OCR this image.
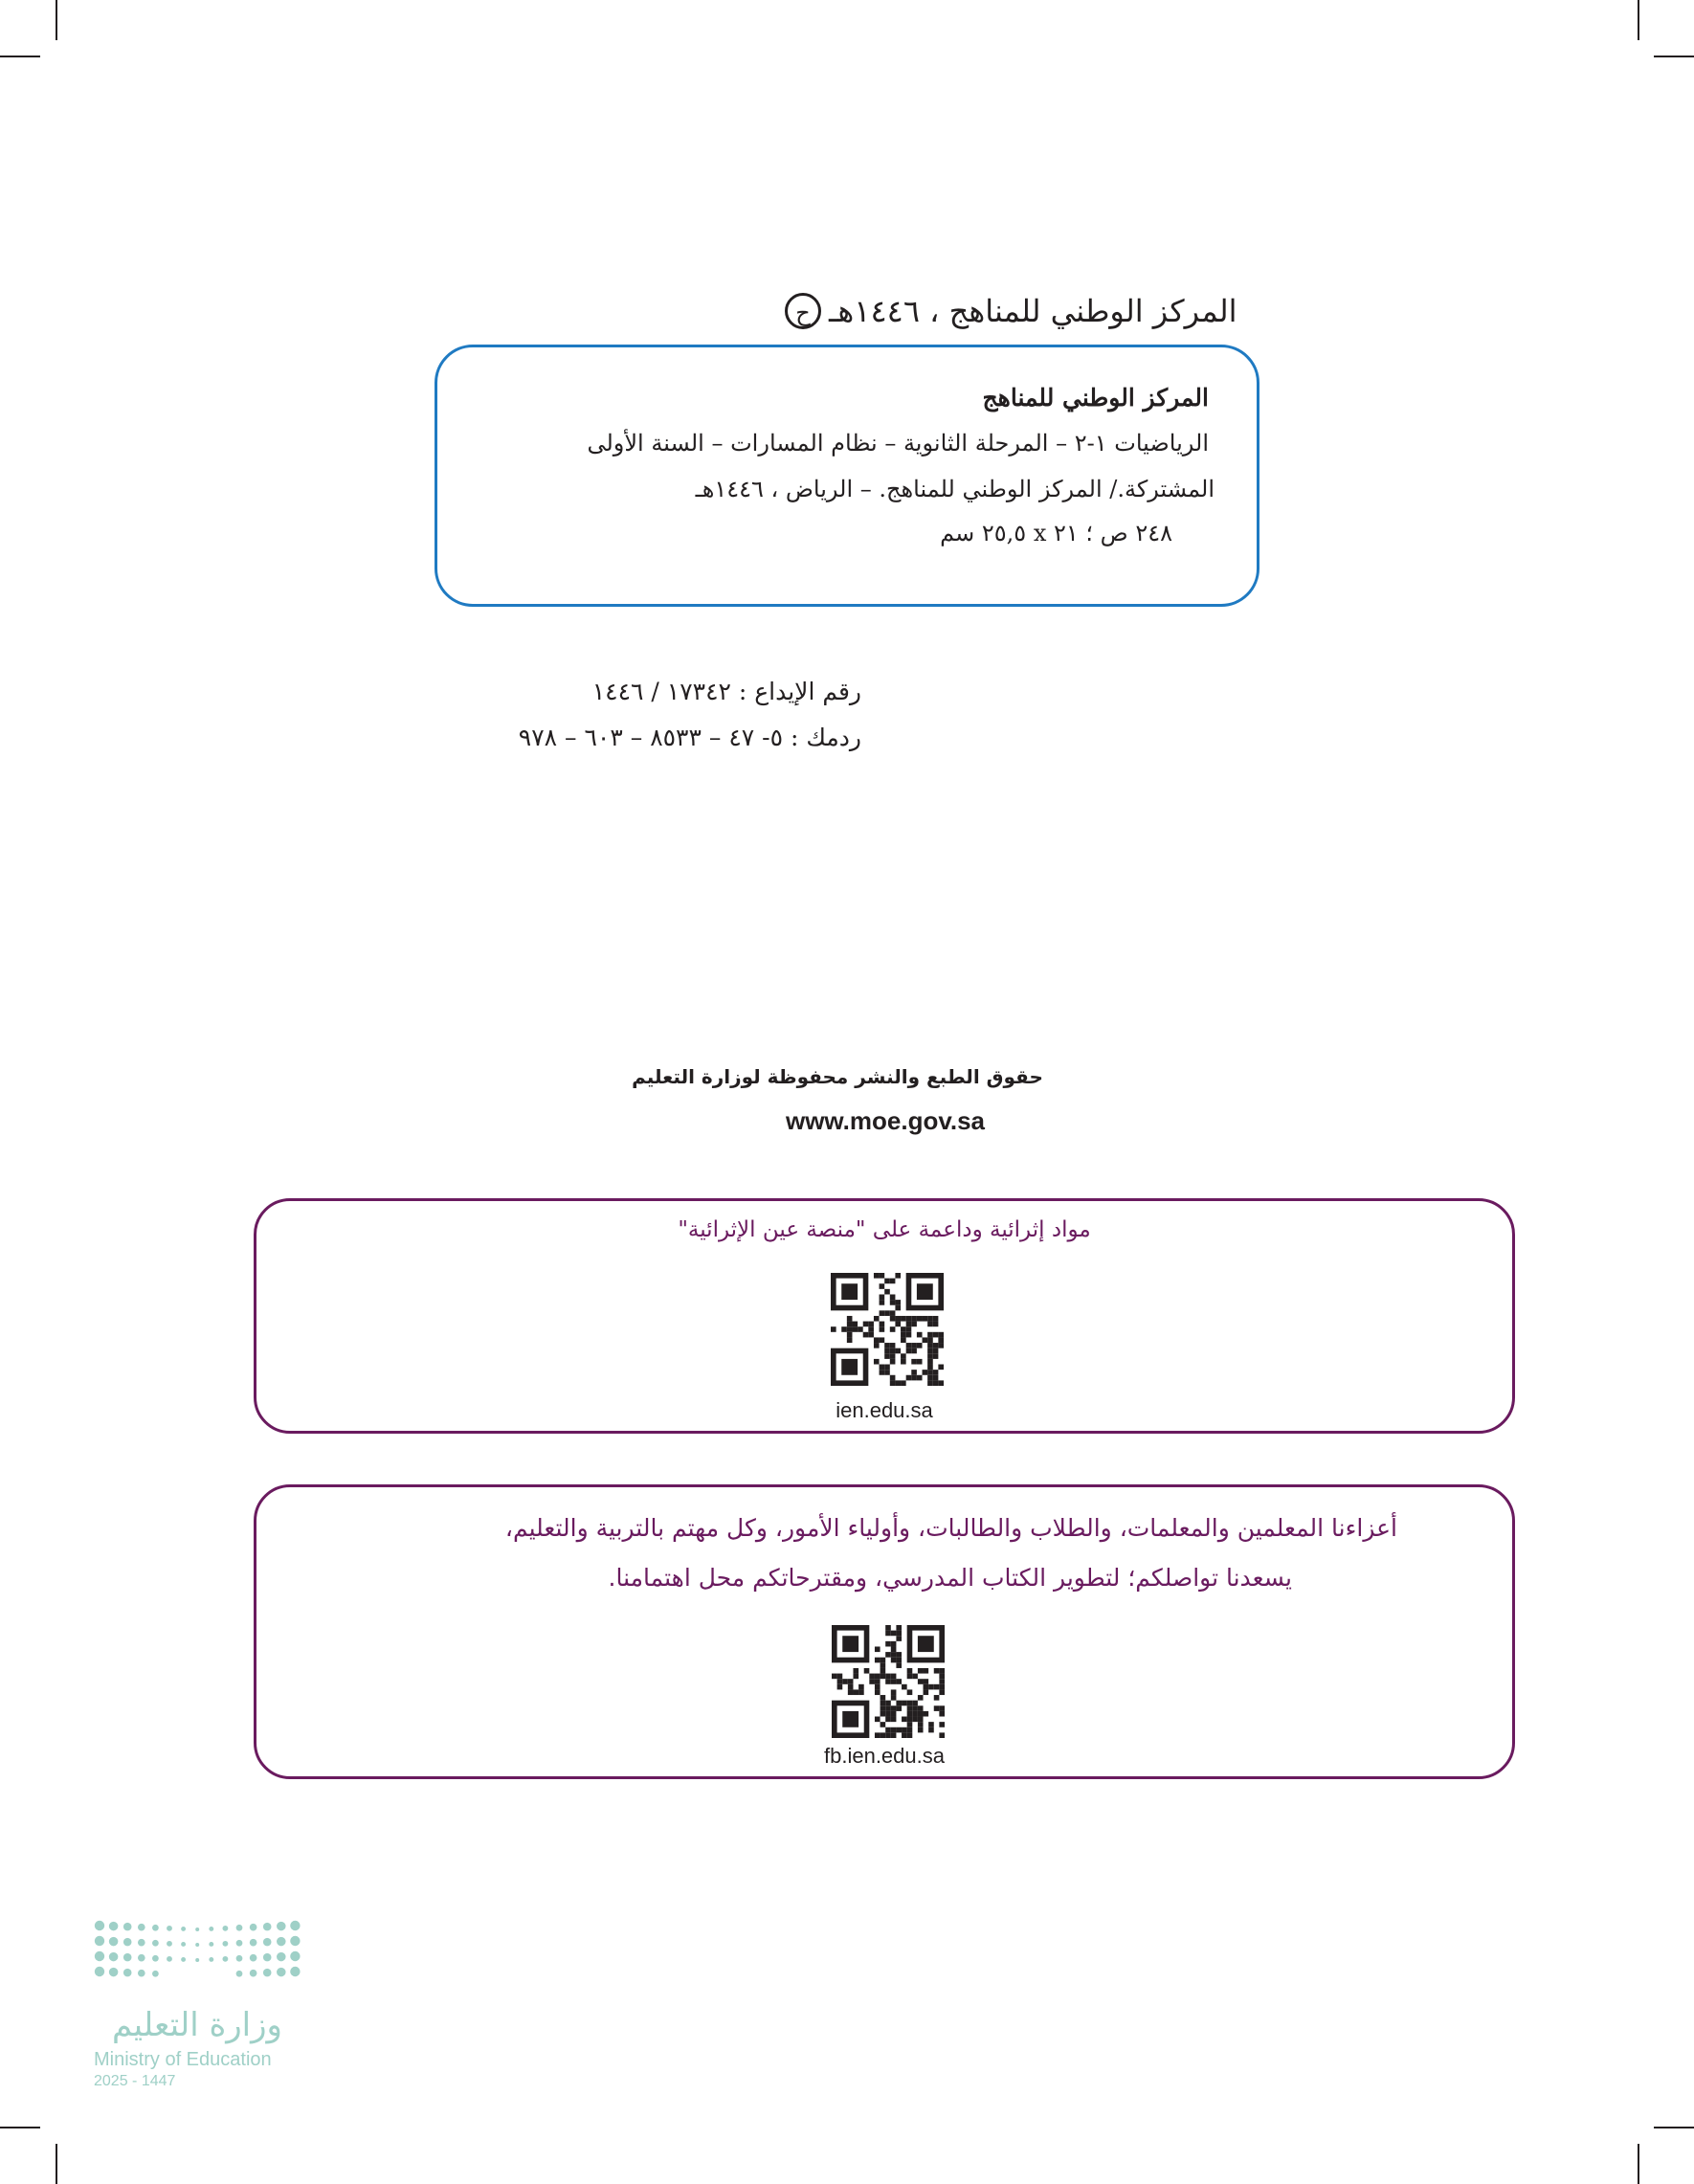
ح المركز الوطني للمناهج ، ١٤٤٦هـ
المركز الوطني للمناهج
الرياضيات ١-٢ – المرحلة الثانوية – نظام المسارات – السنة الأولى
المشتركة./ المركز الوطني للمناهج. – الرياض ، ١٤٤٦هـ
٢٤٨ ص ؛ ٢١ x ٢٥,٥ سم
رقم الإيداع : ١٧٣٤٢ / ١٤٤٦
ردمك : ٥- ٤٧ – ٨٥٣٣ – ٦٠٣ – ٩٧٨
حقوق الطبع والنشر محفوظة لوزارة التعليم
www.moe.gov.sa
مواد إثرائية وداعمة على "منصة عين الإثرائية"
ien.edu.sa
أعزاءنا المعلمين والمعلمات، والطلاب والطالبات، وأولياء الأمور، وكل مهتم بالتربية والتعليم،
يسعدنا تواصلكم؛ لتطوير الكتاب المدرسي، ومقترحاتكم محل اهتمامنا.
fb.ien.edu.sa
وزارة التعليم
Ministry of Education
2025 - 1447
